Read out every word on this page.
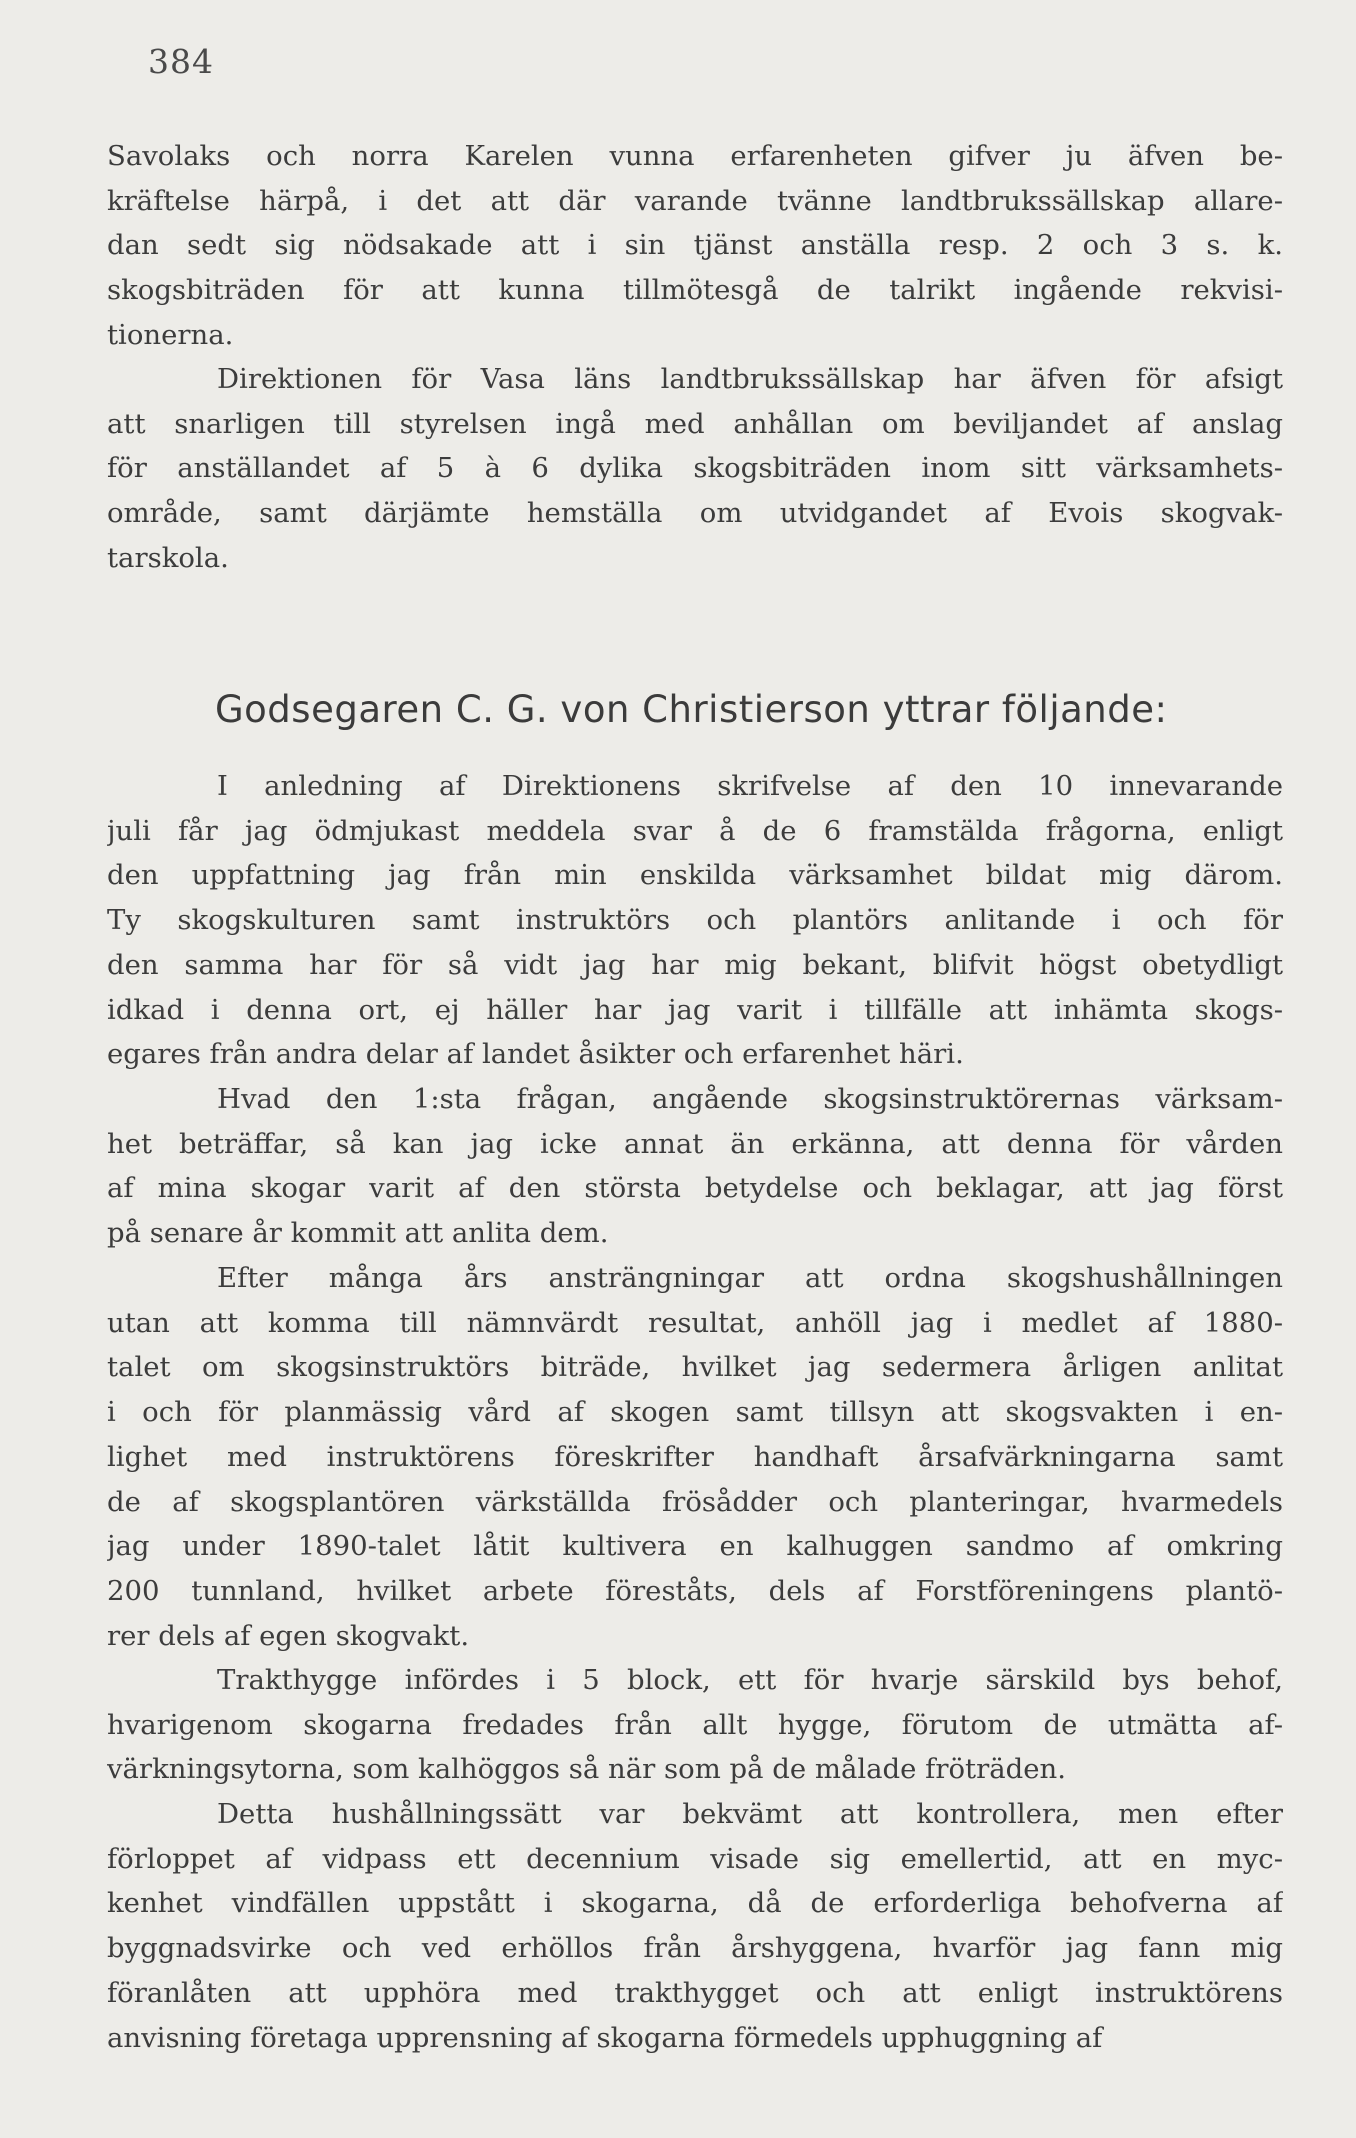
384

Savolaks och norra Karelen vunna erfarenheten gifver ju äfven be-
kräftelse härpå, i det att där varande tvänne landtbrukssällskap allare-
dan sedt sig nödsakade att i sin tjänst anställa resp. 2 och 3 s. k.
skogsbiträden för att kunna tillmötesgå de talrikt ingående rekvisi-
tionerna.

Direktionen för Vasa läns landtbrukssällskap har äfven för afsigt
att snarligen till styrelsen ingå med anhållan om beviljandet af anslag
för anställandet af 5 à 6 dylika skogsbiträden inom sitt värksamhets-
område, samt därjämte hemställa om utvidgandet af Evois skogvak-
tarskola.

Godsegaren C. G. von Christierson yttrar följande:

I anledning af Direktionens skrifvelse af den 10 innevarande
juli får jag ödmjukast meddela svar å de 6 framstälda frågorna, enligt
den uppfattning jag från min enskilda värksamhet bildat mig därom.
Ty skogskulturen samt instruktörs och plantörs anlitande i och för
den samma har för så vidt jag har mig bekant, blifvit högst obetydligt
idkad i denna ort, ej häller har jag varit i tillfälle att inhämta skogs-
egares från andra delar af landet åsikter och erfarenhet häri.

Hvad den 1:sta frågan, angående skogsinstruktörernas värksam-
het beträffar, så kan jag icke annat än erkänna, att denna för vården
af mina skogar varit af den största betydelse och beklagar, att jag först
på senare år kommit att anlita dem.

Efter många års ansträngningar att ordna skogshushållningen
utan att komma till nämnvärdt resultat, anhöll jag i medlet af 1880-
talet om skogsinstruktörs biträde, hvilket jag sedermera årligen anlitat
i och för planmässig vård af skogen samt tillsyn att skogsvakten i en-
lighet med instruktörens föreskrifter handhaft årsafvärkningarna samt
de af skogsplantören värkställda frösådder och planteringar, hvarmedels
jag under 1890-talet låtit kultivera en kalhuggen sandmo af omkring
200 tunnland, hvilket arbete föreståts, dels af Forstföreningens plantö-
rer dels af egen skogvakt.

Trakthygge infördes i 5 block, ett för hvarje särskild bys behof,
hvarigenom skogarna fredades från allt hygge, förutom de utmätta af-
värkningsytorna, som kalhöggos så när som på de målade fröträden.

Detta hushållningssätt var bekvämt att kontrollera, men efter
förloppet af vidpass ett decennium visade sig emellertid, att en myc-
kenhet vindfällen uppstått i skogarna, då de erforderliga behofverna af
byggnadsvirke och ved erhöllos från årshyggena, hvarför jag fann mig
föranlåten att upphöra med trakthygget och att enligt instruktörens
anvisning företaga upprensning af skogarna förmedels upphuggning af
